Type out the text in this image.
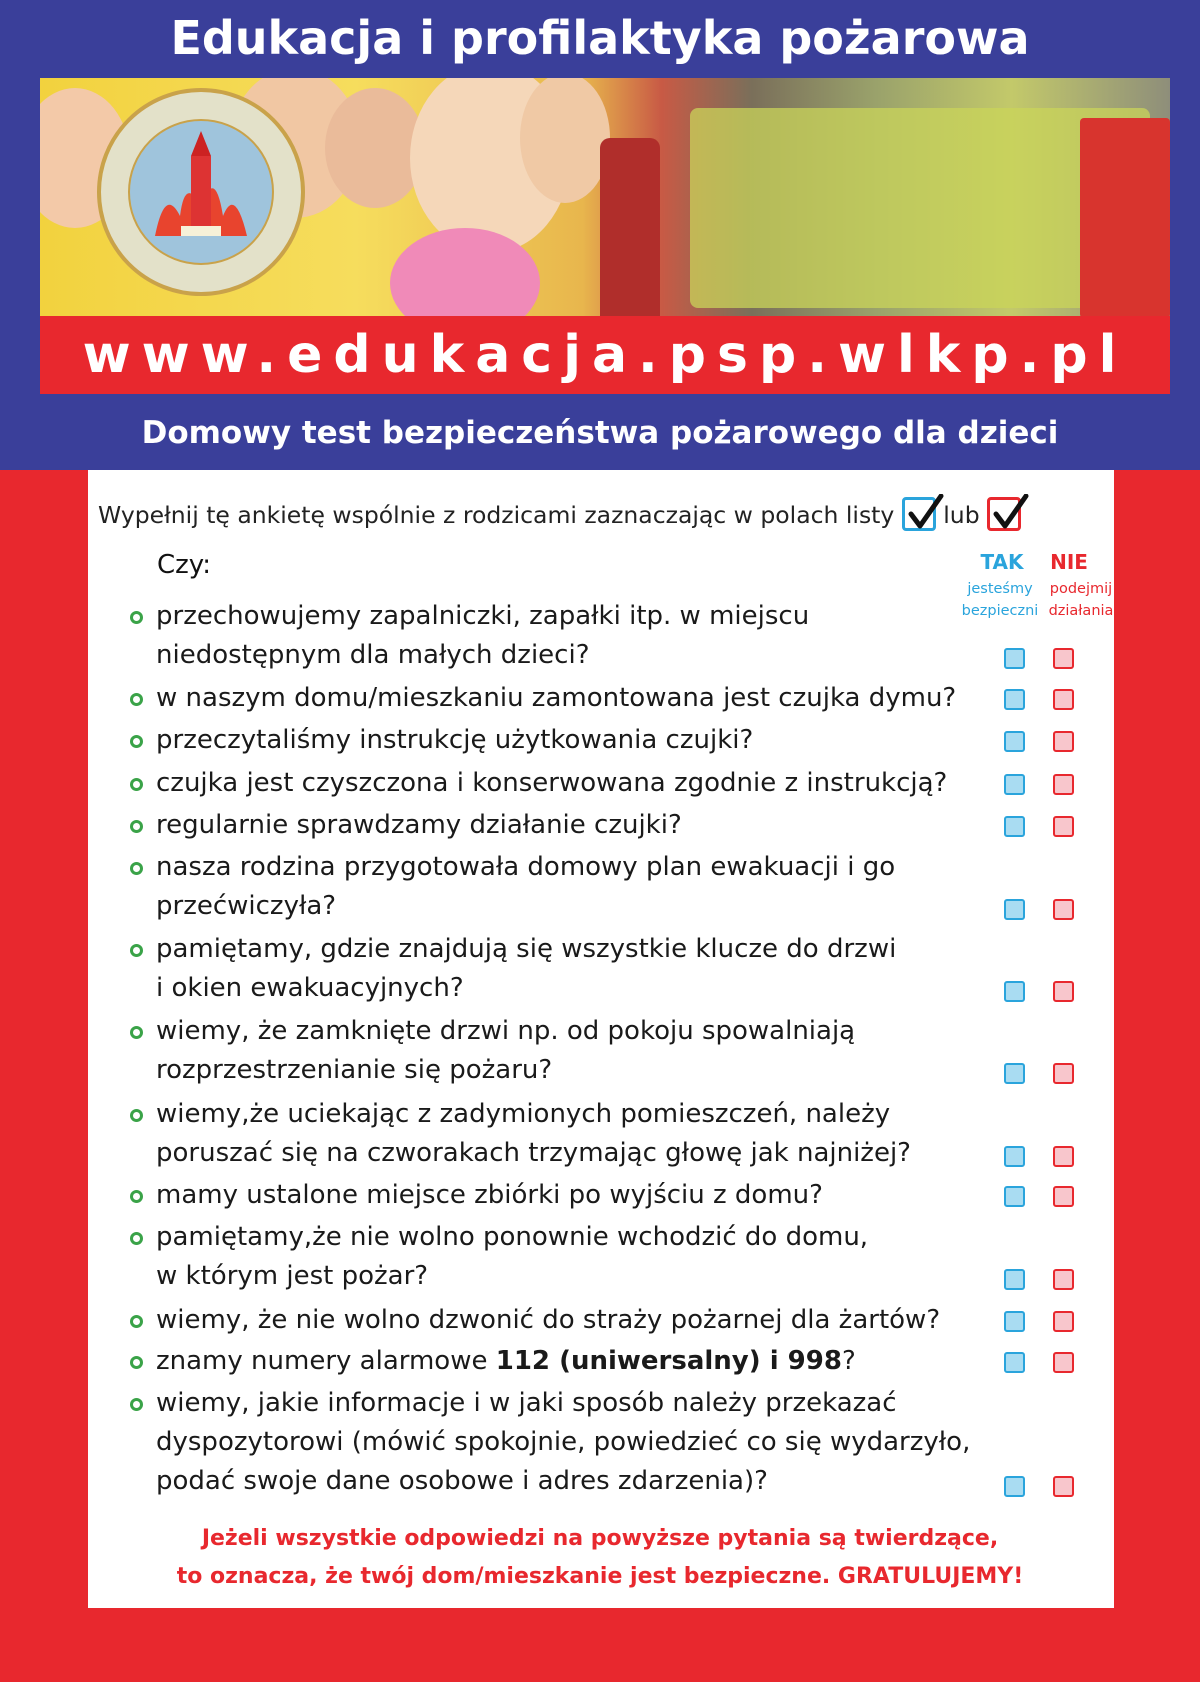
Edukacja i profilaktyka pożarowa
www.edukacja.psp.wlkp.pl
Domowy test bezpieczeństwa pożarowego dla dzieci
Wypełnij tę ankietę wspólnie z rodzicami zaznaczając w polach listy lub
Czy:	TAK	NIE
jesteśmy
bezpieczni
podejmij
działania
przechowujemy zapalniczki, zapałki itp. w miejscu
niedostępnym dla małych dzieci?
w naszym domu/mieszkaniu zamontowana jest czujka dymu?
przeczytaliśmy instrukcję użytkowania czujki?
czujka jest czyszczona i konserwowana zgodnie z instrukcją?
regularnie sprawdzamy działanie czujki?
nasza rodzina przygotowała domowy plan ewakuacji i go
przećwiczyła?
pamiętamy, gdzie znajdują się wszystkie klucze do drzwi
i okien ewakuacyjnych?
wiemy, że zamknięte drzwi np. od pokoju spowalniają
rozprzestrzenianie się pożaru?
wiemy,że uciekając z zadymionych pomieszczeń, należy
poruszać się na czworakach trzymając głowę jak najniżej?
mamy ustalone miejsce zbiórki po wyjściu z domu?
pamiętamy,że nie wolno ponownie wchodzić do domu,
w którym jest pożar?
wiemy, że nie wolno dzwonić do straży pożarnej dla żartów?
znamy numery alarmowe 112 (uniwersalny) i 998?
wiemy, jakie informacje i w jaki sposób należy przekazać
dyspozytorowi (mówić spokojnie, powiedzieć co się wydarzyło,
podać swoje dane osobowe i adres zdarzenia)?
Jeżeli wszystkie odpowiedzi na powyższe pytania są twierdzące,
to oznacza, że twój dom/mieszkanie jest bezpieczne. GRATULUJEMY!
